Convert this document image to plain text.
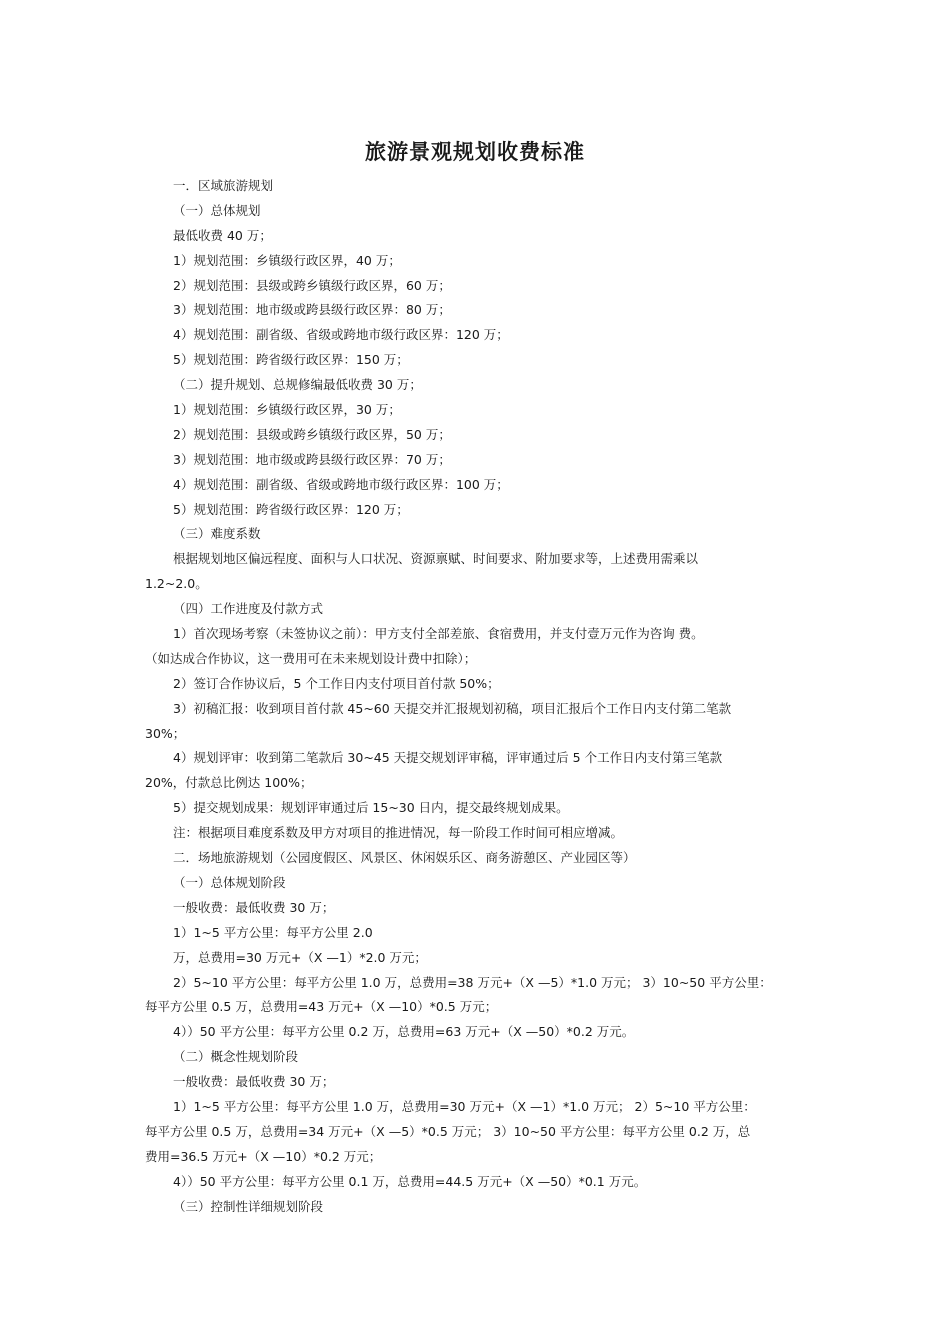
旅游景观规划收费标准
一．区域旅游规划
（一）总体规划
最低收费 40 万；
1）规划范围：乡镇级行政区界，40 万；
2）规划范围：县级或跨乡镇级行政区界，60 万；
3）规划范围：地市级或跨县级行政区界：80 万；
4）规划范围：副省级、省级或跨地市级行政区界：120 万；
5）规划范围：跨省级行政区界：150 万；
（二）提升规划、总规修编最低收费 30 万；
1）规划范围：乡镇级行政区界，30 万；
2）规划范围：县级或跨乡镇级行政区界，50 万；
3）规划范围：地市级或跨县级行政区界：70 万；
4）规划范围：副省级、省级或跨地市级行政区界：100 万；
5）规划范围：跨省级行政区界：120 万；
（三）难度系数
根据规划地区偏远程度、面积与人口状况、资源禀赋、时间要求、附加要求等，上述费用需乘以
1.2~2.0。
（四）工作进度及付款方式
1）首次现场考察（未签协议之前）：甲方支付全部差旅、食宿费用，并支付壹万元作为咨询 费。
（如达成合作协议，这一费用可在未来规划设计费中扣除）；
2）签订合作协议后，5 个工作日内支付项目首付款 50%；
3）初稿汇报：收到项目首付款 45~60 天提交并汇报规划初稿，项目汇报后个工作日内支付第二笔款
30%；
4）规划评审：收到第二笔款后 30~45 天提交规划评审稿，评审通过后 5 个工作日内支付第三笔款
20%，付款总比例达 100%；
5）提交规划成果：规划评审通过后 15~30 日内，提交最终规划成果。
注：根据项目难度系数及甲方对项目的推进情况，每一阶段工作时间可相应增减。
二．场地旅游规划（公园度假区、风景区、休闲娱乐区、商务游憩区、产业园区等）
（一）总体规划阶段
一般收费：最低收费 30 万；
1）1~5 平方公里：每平方公里 2.0
万，总费用=30 万元+（X —1）*2.0 万元；
2）5~10 平方公里：每平方公里 1.0 万，总费用=38 万元+（X —5）*1.0 万元； 3）10~50 平方公里：
每平方公里 0.5 万，总费用=43 万元+（X —10）*0.5 万元；
4））50 平方公里：每平方公里 0.2 万，总费用=63 万元+（X —50）*0.2 万元。
（二）概念性规划阶段
一般收费：最低收费 30 万；
1）1~5 平方公里：每平方公里 1.0 万，总费用=30 万元+（X —1）*1.0 万元； 2）5~10 平方公里：
每平方公里 0.5 万，总费用=34 万元+（X —5）*0.5 万元； 3）10~50 平方公里：每平方公里 0.2 万，总
费用=36.5 万元+（X —10）*0.2 万元；
4））50 平方公里：每平方公里 0.1 万，总费用=44.5 万元+（X —50）*0.1 万元。
（三）控制性详细规划阶段
